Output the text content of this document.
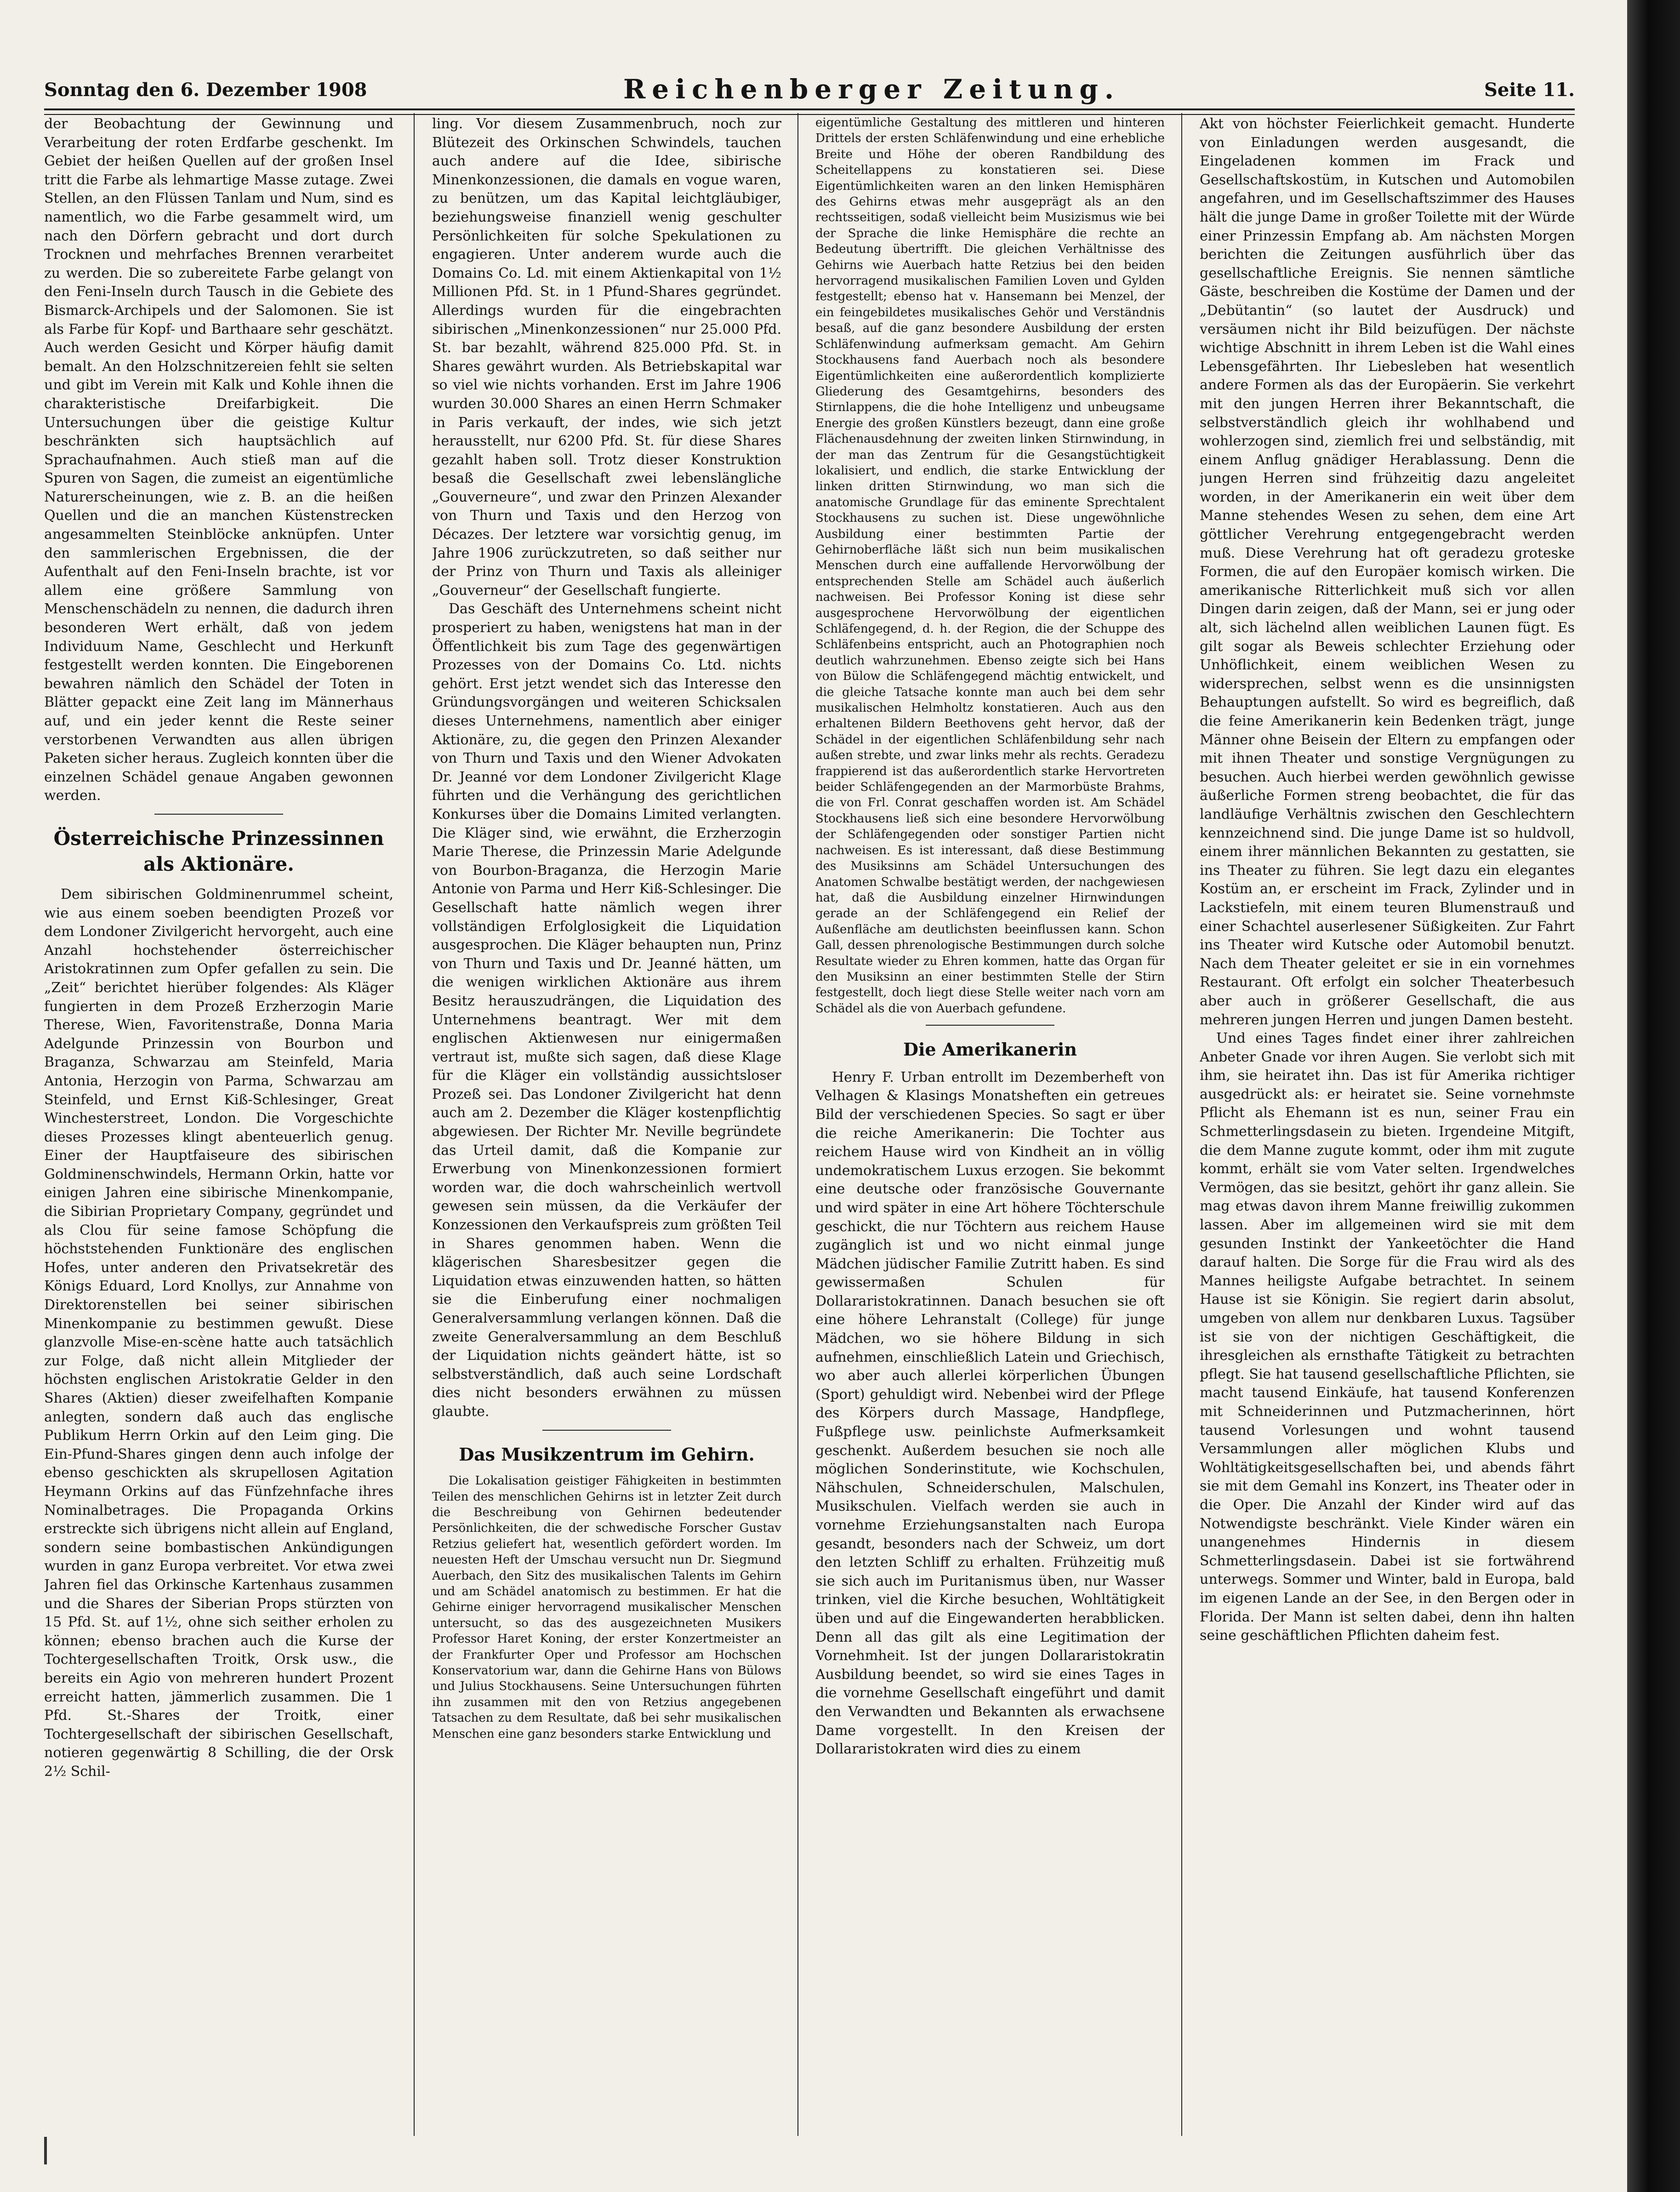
Sonntag den 6. Dezember 1908	Reichenberger Zeitung.	Seite 11.

der Beobachtung der Gewinnung und Verarbeitung der roten Erdfarbe geschenkt. Im Gebiet der heißen Quellen auf der großen Insel tritt die Farbe als lehmartige Masse zutage. Zwei Stellen, an den Flüssen Tanlam und Num, sind es namentlich, wo die Farbe gesammelt wird, um nach den Dörfern gebracht und dort durch Trocknen und mehrfaches Brennen verarbeitet zu werden. Die so zubereitete Farbe gelangt von den Feni-Inseln durch Tausch in die Gebiete des Bismarck-Archipels und der Salomonen. Sie ist als Farbe für Kopf- und Barthaare sehr geschätzt. Auch werden Gesicht und Körper häufig damit bemalt. An den Holzschnitzereien fehlt sie selten und gibt im Verein mit Kalk und Kohle ihnen die charakteristische Dreifarbigkeit. Die Untersuchungen über die geistige Kultur beschränkten sich hauptsächlich auf Sprachaufnahmen. Auch stieß man auf die Spuren von Sagen, die zumeist an eigentümliche Naturerscheinungen, wie z. B. an die heißen Quellen und die an manchen Küstenstrecken angesammelten Steinblöcke anknüpfen. Unter den sammlerischen Ergebnissen, die der Aufenthalt auf den Feni-Inseln brachte, ist vor allem eine größere Sammlung von Menschenschädeln zu nennen, die dadurch ihren besonderen Wert erhält, daß von jedem Individuum Name, Geschlecht und Herkunft festgestellt werden konnten. Die Eingeborenen bewahren nämlich den Schädel der Toten in Blätter gepackt eine Zeit lang im Männerhaus auf, und ein jeder kennt die Reste seiner verstorbenen Verwandten aus allen übrigen Paketen sicher heraus. Zugleich konnten über die einzelnen Schädel genaue Angaben gewonnen werden.

Österreichische Prinzessinnen
als Aktionäre.

Dem sibirischen Goldminenrummel scheint, wie aus einem soeben beendigten Prozeß vor dem Londoner Zivilgericht hervorgeht, auch eine Anzahl hochstehender österreichischer Aristokratinnen zum Opfer gefallen zu sein. Die „Zeit“ berichtet hierüber folgendes: Als Kläger fungierten in dem Prozeß Erzherzogin Marie Therese, Wien, Favoritenstraße, Donna Maria Adelgunde Prinzessin von Bourbon und Braganza, Schwarzau am Steinfeld, Maria Antonia, Herzogin von Parma, Schwarzau am Steinfeld, und Ernst Kiß-Schlesinger, Great Winchesterstreet, London. Die Vorgeschichte dieses Prozesses klingt abenteuerlich genug. Einer der Hauptfaiseure des sibirischen Goldminenschwindels, Hermann Orkin, hatte vor einigen Jahren eine sibirische Minenkompanie, die Sibirian Proprietary Company, gegründet und als Clou für seine famose Schöpfung die höchststehenden Funktionäre des englischen Hofes, unter anderen den Privatsekretär des Königs Eduard, Lord Knollys, zur Annahme von Direktorenstellen bei seiner sibirischen Minenkompanie zu bestimmen gewußt. Diese glanzvolle Mise-en-scène hatte auch tatsächlich zur Folge, daß nicht allein Mitglieder der höchsten englischen Aristokratie Gelder in den Shares (Aktien) dieser zweifelhaften Kompanie anlegten, sondern daß auch das englische Publikum Herrn Orkin auf den Leim ging. Die Ein-Pfund-Shares gingen denn auch infolge der ebenso geschickten als skrupellosen Agitation Heymann Orkins auf das Fünfzehnfache ihres Nominalbetrages. Die Propaganda Orkins erstreckte sich übrigens nicht allein auf England, sondern seine bombastischen Ankündigungen wurden in ganz Europa verbreitet. Vor etwa zwei Jahren fiel das Orkinsche Kartenhaus zusammen und die Shares der Siberian Props stürzten von 15 Pfd. St. auf 1½, ohne sich seither erholen zu können; ebenso brachen auch die Kurse der Tochtergesellschaften Troitk, Orsk usw., die bereits ein Agio von mehreren hundert Prozent erreicht hatten, jämmerlich zusammen. Die 1 Pfd. St.-Shares der Troitk, einer Tochtergesellschaft der sibirischen Gesellschaft, notieren gegenwärtig 8 Schilling, die der Orsk 2½ Schil-

ling. Vor diesem Zusammenbruch, noch zur Blütezeit des Orkinschen Schwindels, tauchen auch andere auf die Idee, sibirische Minenkonzessionen, die damals en vogue waren, zu benützen, um das Kapital leichtgläubiger, beziehungsweise finanziell wenig geschulter Persönlichkeiten für solche Spekulationen zu engagieren. Unter anderem wurde auch die Domains Co. Ld. mit einem Aktienkapital von 1½ Millionen Pfd. St. in 1 Pfund-Shares gegründet. Allerdings wurden für die eingebrachten sibirischen „Minenkonzessionen“ nur 25.000 Pfd. St. bar bezahlt, während 825.000 Pfd. St. in Shares gewährt wurden. Als Betriebskapital war so viel wie nichts vorhanden. Erst im Jahre 1906 wurden 30.000 Shares an einen Herrn Schmaker in Paris verkauft, der indes, wie sich jetzt herausstellt, nur 6200 Pfd. St. für diese Shares gezahlt haben soll. Trotz dieser Konstruktion besaß die Gesellschaft zwei lebenslängliche „Gouverneure“, und zwar den Prinzen Alexander von Thurn und Taxis und den Herzog von Décazes. Der letztere war vorsichtig genug, im Jahre 1906 zurückzutreten, so daß seither nur der Prinz von Thurn und Taxis als alleiniger „Gouverneur“ der Gesellschaft fungierte.

Das Geschäft des Unternehmens scheint nicht prosperiert zu haben, wenigstens hat man in der Öffentlichkeit bis zum Tage des gegenwärtigen Prozesses von der Domains Co. Ltd. nichts gehört. Erst jetzt wendet sich das Interesse den Gründungsvorgängen und weiteren Schicksalen dieses Unternehmens, namentlich aber einiger Aktionäre, zu, die gegen den Prinzen Alexander von Thurn und Taxis und den Wiener Advokaten Dr. Jeanné vor dem Londoner Zivilgericht Klage führten und die Verhängung des gerichtlichen Konkurses über die Domains Limited verlangten. Die Kläger sind, wie erwähnt, die Erzherzogin Marie Therese, die Prinzessin Marie Adelgunde von Bourbon-Braganza, die Herzogin Marie Antonie von Parma und Herr Kiß-Schlesinger. Die Gesellschaft hatte nämlich wegen ihrer vollständigen Erfolglosigkeit die Liquidation ausgesprochen. Die Kläger behaupten nun, Prinz von Thurn und Taxis und Dr. Jeanné hätten, um die wenigen wirklichen Aktionäre aus ihrem Besitz herauszudrängen, die Liquidation des Unternehmens beantragt. Wer mit dem englischen Aktienwesen nur einigermaßen vertraut ist, mußte sich sagen, daß diese Klage für die Kläger ein vollständig aussichtsloser Prozeß sei. Das Londoner Zivilgericht hat denn auch am 2. Dezember die Kläger kostenpflichtig abgewiesen. Der Richter Mr. Neville begründete das Urteil damit, daß die Kompanie zur Erwerbung von Minenkonzessionen formiert worden war, die doch wahrscheinlich wertvoll gewesen sein müssen, da die Verkäufer der Konzessionen den Verkaufspreis zum größten Teil in Shares genommen haben. Wenn die klägerischen Sharesbesitzer gegen die Liquidation etwas einzuwenden hatten, so hätten sie die Einberufung einer nochmaligen Generalversammlung verlangen können. Daß die zweite Generalversammlung an dem Beschluß der Liquidation nichts geändert hätte, ist so selbstverständlich, daß auch seine Lordschaft dies nicht besonders erwähnen zu müssen glaubte.

Das Musikzentrum im Gehirn.

Die Lokalisation geistiger Fähigkeiten in bestimmten Teilen des menschlichen Gehirns ist in letzter Zeit durch die Beschreibung von Gehirnen bedeutender Persönlichkeiten, die der schwedische Forscher Gustav Retzius geliefert hat, wesentlich gefördert worden. Im neuesten Heft der Umschau versucht nun Dr. Siegmund Auerbach, den Sitz des musikalischen Talents im Gehirn und am Schädel anatomisch zu bestimmen. Er hat die Gehirne einiger hervorragend musikalischer Menschen untersucht, so das des ausgezeichneten Musikers Professor Haret Koning, der erster Konzertmeister an der Frankfurter Oper und Professor am Hochschen Konservatorium war, dann die Gehirne Hans von Bülows und Julius Stockhausens. Seine Untersuchungen führten ihn zusammen mit den von Retzius angegebenen Tatsachen zu dem Resultate, daß bei sehr musikalischen Menschen eine ganz besonders starke Entwicklung und

eigentümliche Gestaltung des mittleren und hinteren Drittels der ersten Schläfenwindung und eine erhebliche Breite und Höhe der oberen Randbildung des Scheitellappens zu konstatieren sei. Diese Eigentümlichkeiten waren an den linken Hemisphären des Gehirns etwas mehr ausgeprägt als an den rechtsseitigen, sodaß vielleicht beim Musizismus wie bei der Sprache die linke Hemisphäre die rechte an Bedeutung übertrifft. Die gleichen Verhältnisse des Gehirns wie Auerbach hatte Retzius bei den beiden hervorragend musikalischen Familien Loven und Gylden festgestellt; ebenso hat v. Hansemann bei Menzel, der ein feingebildetes musikalisches Gehör und Verständnis besaß, auf die ganz besondere Ausbildung der ersten Schläfenwindung aufmerksam gemacht. Am Gehirn Stockhausens fand Auerbach noch als besondere Eigentümlichkeiten eine außerordentlich komplizierte Gliederung des Gesamtgehirns, besonders des Stirnlappens, die die hohe Intelligenz und unbeugsame Energie des großen Künstlers bezeugt, dann eine große Flächenausdehnung der zweiten linken Stirnwindung, in der man das Zentrum für die Gesangstüchtigkeit lokalisiert, und endlich, die starke Entwicklung der linken dritten Stirnwindung, wo man sich die anatomische Grundlage für das eminente Sprechtalent Stockhausens zu suchen ist. Diese ungewöhnliche Ausbildung einer bestimmten Partie der Gehirnoberfläche läßt sich nun beim musikalischen Menschen durch eine auffallende Hervorwölbung der entsprechenden Stelle am Schädel auch äußerlich nachweisen. Bei Professor Koning ist diese sehr ausgesprochene Hervorwölbung der eigentlichen Schläfengegend, d. h. der Region, die der Schuppe des Schläfenbeins entspricht, auch an Photographien noch deutlich wahrzunehmen. Ebenso zeigte sich bei Hans von Bülow die Schläfengegend mächtig entwickelt, und die gleiche Tatsache konnte man auch bei dem sehr musikalischen Helmholtz konstatieren. Auch aus den erhaltenen Bildern Beethovens geht hervor, daß der Schädel in der eigentlichen Schläfenbildung sehr nach außen strebte, und zwar links mehr als rechts. Geradezu frappierend ist das außerordentlich starke Hervortreten beider Schläfengegenden an der Marmorbüste Brahms, die von Frl. Conrat geschaffen worden ist. Am Schädel Stockhausens ließ sich eine besondere Hervorwölbung der Schläfengegenden oder sonstiger Partien nicht nachweisen. Es ist interessant, daß diese Bestimmung des Musiksinns am Schädel Untersuchungen des Anatomen Schwalbe bestätigt werden, der nachgewiesen hat, daß die Ausbildung einzelner Hirnwindungen gerade an der Schläfengegend ein Relief der Außenfläche am deutlichsten beeinflussen kann. Schon Gall, dessen phrenologische Bestimmungen durch solche Resultate wieder zu Ehren kommen, hatte das Organ für den Musiksinn an einer bestimmten Stelle der Stirn festgestellt, doch liegt diese Stelle weiter nach vorn am Schädel als die von Auerbach gefundene.

Die Amerikanerin

Henry F. Urban entrollt im Dezemberheft von Velhagen & Klasings Monatsheften ein getreues Bild der verschiedenen Species. So sagt er über die reiche Amerikanerin: Die Tochter aus reichem Hause wird von Kindheit an in völlig undemokratischem Luxus erzogen. Sie bekommt eine deutsche oder französische Gouvernante und wird später in eine Art höhere Töchterschule geschickt, die nur Töchtern aus reichem Hause zugänglich ist und wo nicht einmal junge Mädchen jüdischer Familie Zutritt haben. Es sind gewissermaßen Schulen für Dollararistokratinnen. Danach besuchen sie oft eine höhere Lehranstalt (College) für junge Mädchen, wo sie höhere Bildung in sich aufnehmen, einschließlich Latein und Griechisch, wo aber auch allerlei körperlichen Übungen (Sport) gehuldigt wird. Nebenbei wird der Pflege des Körpers durch Massage, Handpflege, Fußpflege usw. peinlichste Aufmerksamkeit geschenkt. Außerdem besuchen sie noch alle möglichen Sonderinstitute, wie Kochschulen, Nähschulen, Schneiderschulen, Malschulen, Musikschulen. Vielfach werden sie auch in vornehme Erziehungsanstalten nach Europa gesandt, besonders nach der Schweiz, um dort den letzten Schliff zu erhalten. Frühzeitig muß sie sich auch im Puritanismus üben, nur Wasser trinken, viel die Kirche besuchen, Wohltätigkeit üben und auf die Eingewanderten herabblicken. Denn all das gilt als eine Legitimation der Vornehmheit. Ist der jungen Dollararistokratin Ausbildung beendet, so wird sie eines Tages in die vornehme Gesellschaft eingeführt und damit den Verwandten und Bekannten als erwachsene Dame vorgestellt. In den Kreisen der Dollararistokraten wird dies zu einem

Akt von höchster Feierlichkeit gemacht. Hunderte von Einladungen werden ausgesandt, die Eingeladenen kommen im Frack und Gesellschaftskostüm, in Kutschen und Automobilen angefahren, und im Gesellschaftszimmer des Hauses hält die junge Dame in großer Toilette mit der Würde einer Prinzessin Empfang ab. Am nächsten Morgen berichten die Zeitungen ausführlich über das gesellschaftliche Ereignis. Sie nennen sämtliche Gäste, beschreiben die Kostüme der Damen und der „Debütantin“ (so lautet der Ausdruck) und versäumen nicht ihr Bild beizufügen. Der nächste wichtige Abschnitt in ihrem Leben ist die Wahl eines Lebensgefährten. Ihr Liebesleben hat wesentlich andere Formen als das der Europäerin. Sie verkehrt mit den jungen Herren ihrer Bekanntschaft, die selbstverständlich gleich ihr wohlhabend und wohlerzogen sind, ziemlich frei und selbständig, mit einem Anflug gnädiger Herablassung. Denn die jungen Herren sind frühzeitig dazu angeleitet worden, in der Amerikanerin ein weit über dem Manne stehendes Wesen zu sehen, dem eine Art göttlicher Verehrung entgegengebracht werden muß. Diese Verehrung hat oft geradezu groteske Formen, die auf den Europäer komisch wirken. Die amerikanische Ritterlichkeit muß sich vor allen Dingen darin zeigen, daß der Mann, sei er jung oder alt, sich lächelnd allen weiblichen Launen fügt. Es gilt sogar als Beweis schlechter Erziehung oder Unhöflichkeit, einem weiblichen Wesen zu widersprechen, selbst wenn es die unsinnigsten Behauptungen aufstellt. So wird es begreiflich, daß die feine Amerikanerin kein Bedenken trägt, junge Männer ohne Beisein der Eltern zu empfangen oder mit ihnen Theater und sonstige Vergnügungen zu besuchen. Auch hierbei werden gewöhnlich gewisse äußerliche Formen streng beobachtet, die für das landläufige Verhältnis zwischen den Geschlechtern kennzeichnend sind. Die junge Dame ist so huldvoll, einem ihrer männlichen Bekannten zu gestatten, sie ins Theater zu führen. Sie legt dazu ein elegantes Kostüm an, er erscheint im Frack, Zylinder und in Lackstiefeln, mit einem teuren Blumenstrauß und einer Schachtel auserlesener Süßigkeiten. Zur Fahrt ins Theater wird Kutsche oder Automobil benutzt. Nach dem Theater geleitet er sie in ein vornehmes Restaurant. Oft erfolgt ein solcher Theaterbesuch aber auch in größerer Gesellschaft, die aus mehreren jungen Herren und jungen Damen besteht.

Und eines Tages findet einer ihrer zahlreichen Anbeter Gnade vor ihren Augen. Sie verlobt sich mit ihm, sie heiratet ihn. Das ist für Amerika richtiger ausgedrückt als: er heiratet sie. Seine vornehmste Pflicht als Ehemann ist es nun, seiner Frau ein Schmetterlingsdasein zu bieten. Irgendeine Mitgift, die dem Manne zugute kommt, oder ihm mit zugute kommt, erhält sie vom Vater selten. Irgendwelches Vermögen, das sie besitzt, gehört ihr ganz allein. Sie mag etwas davon ihrem Manne freiwillig zukommen lassen. Aber im allgemeinen wird sie mit dem gesunden Instinkt der Yankeetöchter die Hand darauf halten. Die Sorge für die Frau wird als des Mannes heiligste Aufgabe betrachtet. In seinem Hause ist sie Königin. Sie regiert darin absolut, umgeben von allem nur denkbaren Luxus. Tagsüber ist sie von der nichtigen Geschäftigkeit, die ihresgleichen als ernsthafte Tätigkeit zu betrachten pflegt. Sie hat tausend gesellschaftliche Pflichten, sie macht tausend Einkäufe, hat tausend Konferenzen mit Schneiderinnen und Putzmacherinnen, hört tausend Vorlesungen und wohnt tausend Versammlungen aller möglichen Klubs und Wohltätigkeitsgesellschaften bei, und abends fährt sie mit dem Gemahl ins Konzert, ins Theater oder in die Oper. Die Anzahl der Kinder wird auf das Notwendigste beschränkt. Viele Kinder wären ein unangenehmes Hindernis in diesem Schmetterlingsdasein. Dabei ist sie fortwährend unterwegs. Sommer und Winter, bald in Europa, bald im eigenen Lande an der See, in den Bergen oder in Florida. Der Mann ist selten dabei, denn ihn halten seine geschäftlichen Pflichten daheim fest.
